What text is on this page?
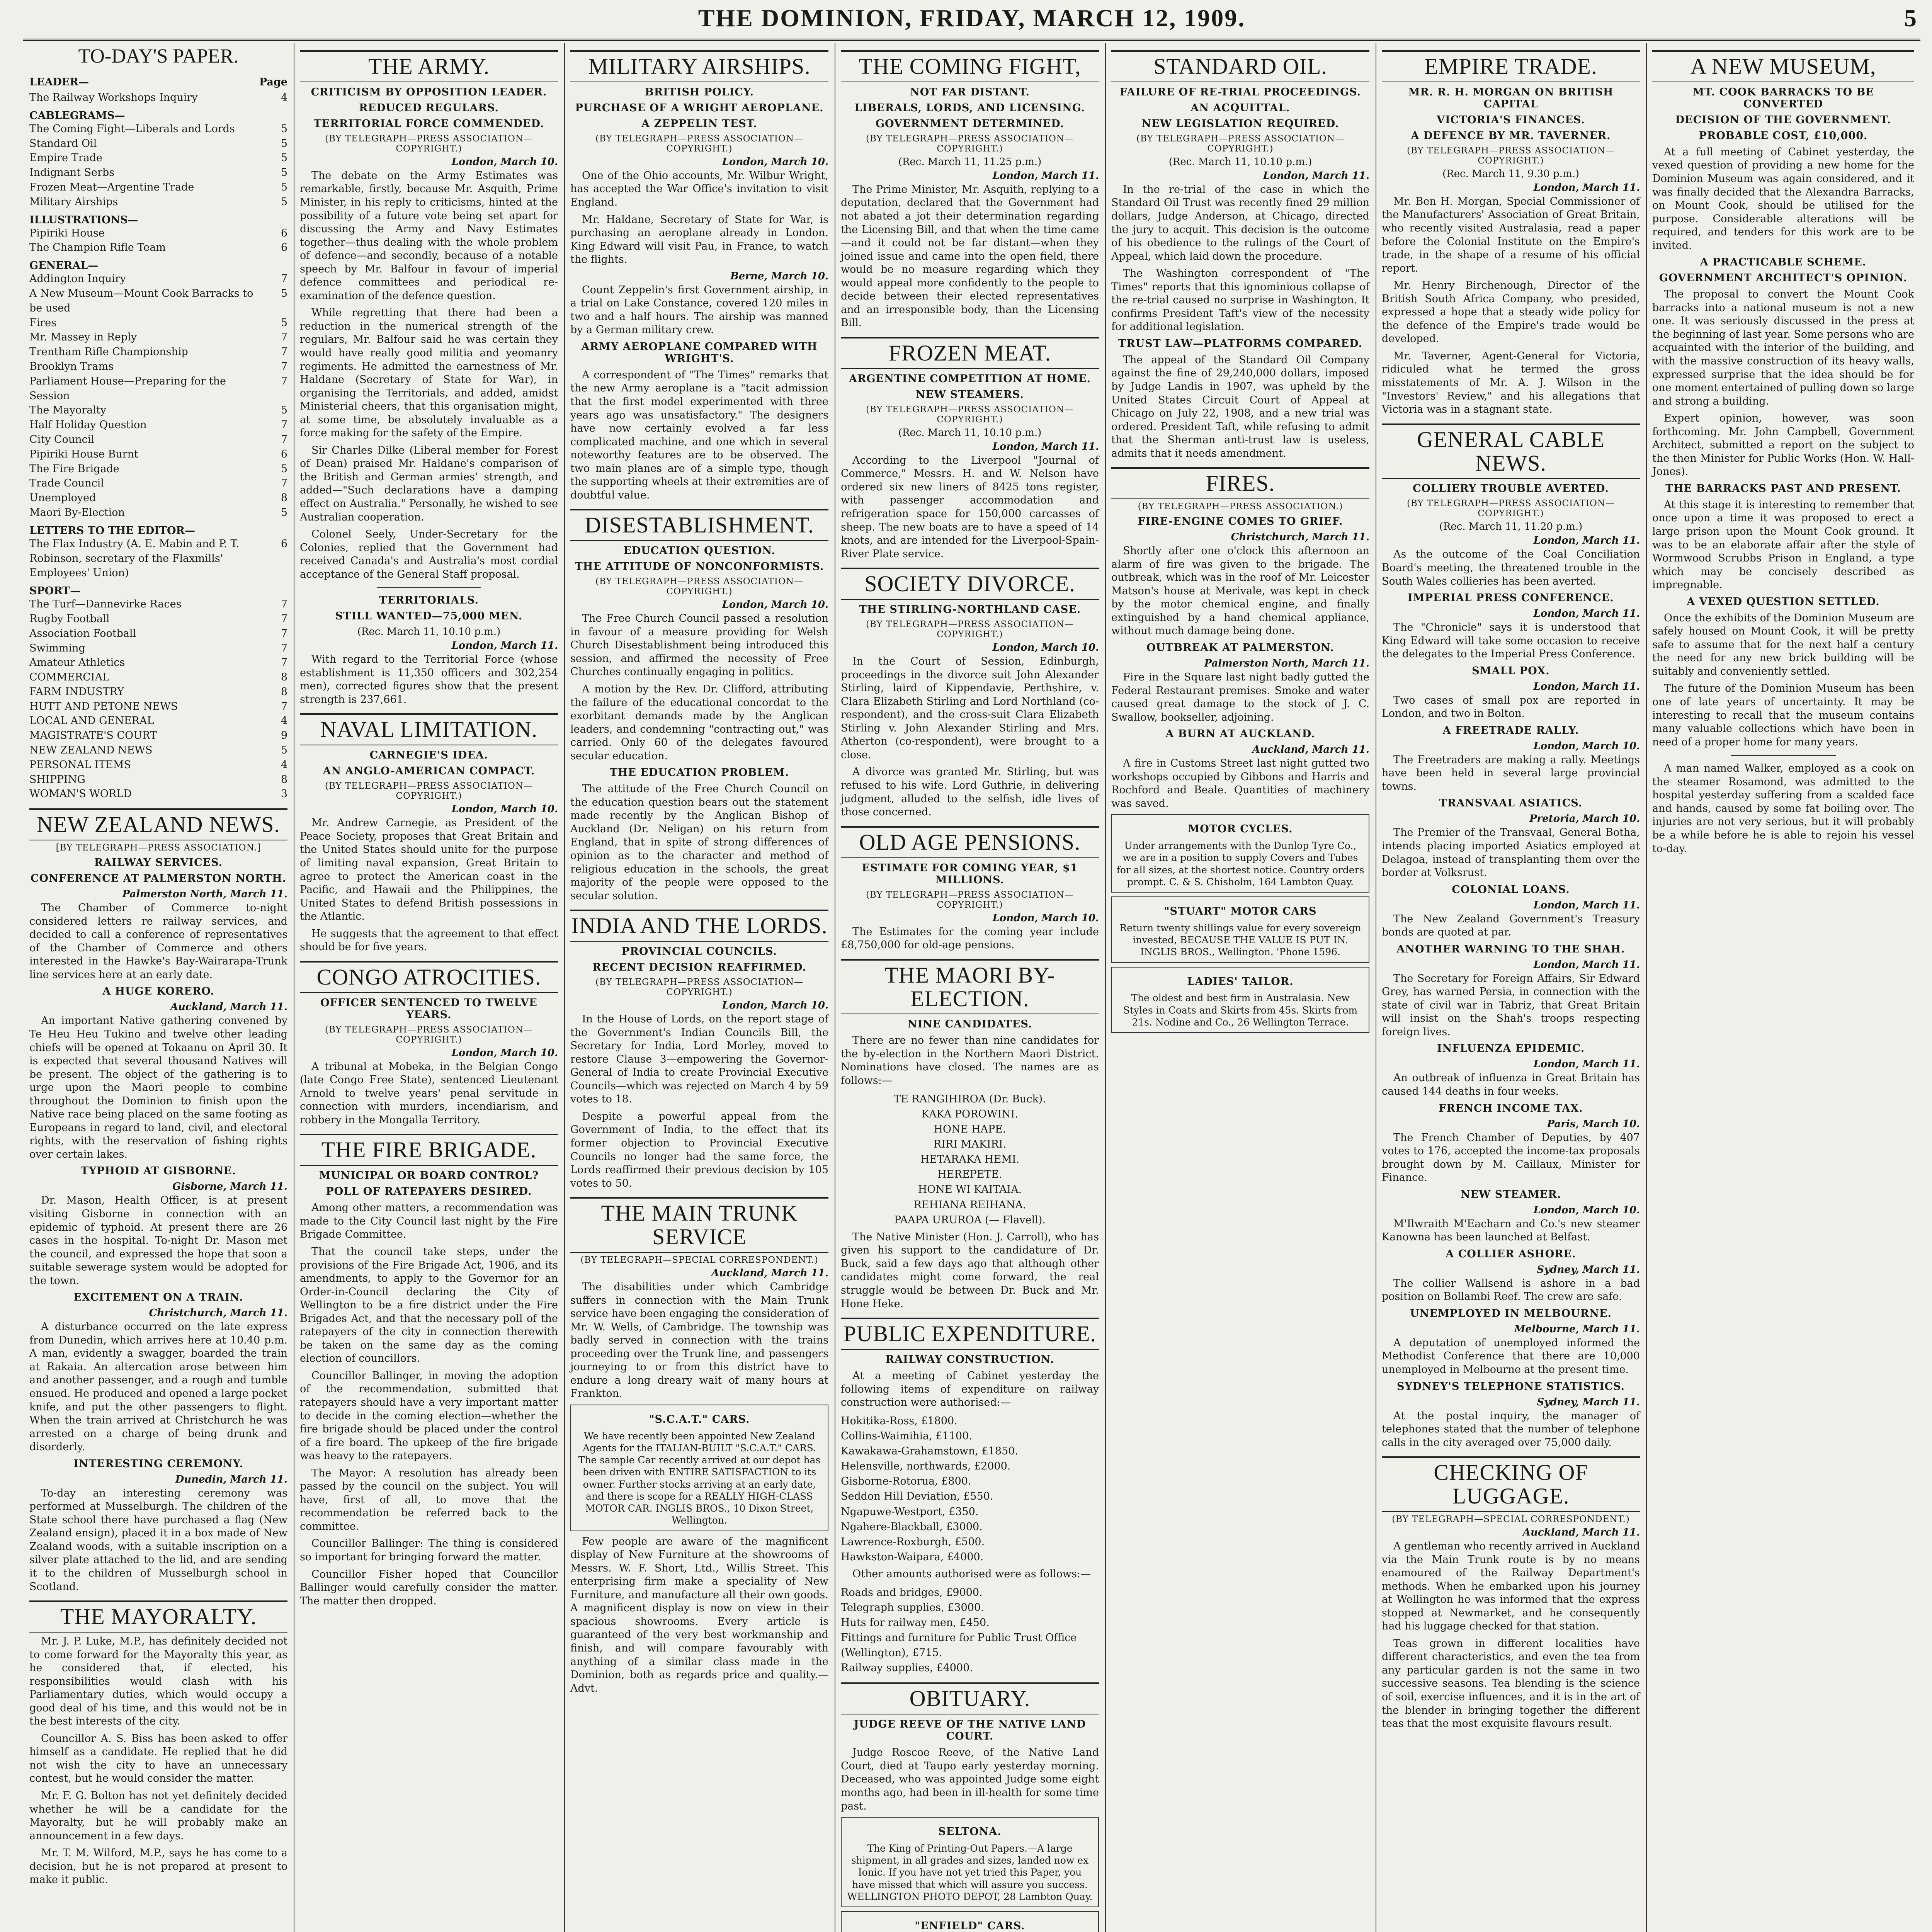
THE DOMINION, FRIDAY, MARCH 12, 1909.	5
TO-DAY'S PAPER.
LEADER—	Page
The Railway Workshops Inquiry	4
CABLEGRAMS—
The Coming Fight—Liberals and Lords	5
Standard Oil	5
Empire Trade	5
Indignant Serbs	5
Frozen Meat—Argentine Trade	5
Military Airships	5
ILLUSTRATIONS—
Pipiriki House	6
The Champion Rifle Team	6
GENERAL—
Addington Inquiry	7
A New Museum—Mount Cook Barracks to be used
5
Fires	5
Mr. Massey in Reply	7
Trentham Rifle Championship	7
Brooklyn Trams	7
Parliament House—Preparing for the Session
7
The Mayoralty	5
Half Holiday Question	7
City Council	7
Pipiriki House Burnt	6
The Fire Brigade	5
Trade Council	7
Unemployed	8
Maori By-Election	5
LETTERS TO THE EDITOR—
The Flax Industry (A. E. Mabin and P. T. Robinson, secretary of the Flaxmills' Employees' Union)
6
SPORT—
The Turf—Dannevirke Races	7
Rugby Football	7
Association Football	7
Swimming	7
Amateur Athletics	7
COMMERCIAL	8
FARM INDUSTRY	8
HUTT AND PETONE NEWS	7
LOCAL AND GENERAL	4
MAGISTRATE'S COURT	9
NEW ZEALAND NEWS	5
PERSONAL ITEMS	4
SHIPPING	8
WOMAN'S WORLD	3
NEW ZEALAND NEWS.
[BY TELEGRAPH—PRESS ASSOCIATION.]
RAILWAY SERVICES.
CONFERENCE AT PALMERSTON NORTH.
Palmerston North, March 11.

The Chamber of Commerce to-night considered letters re railway services, and decided to call a conference of representatives of the Chamber of Commerce and others interested in the Hawke's Bay-Wairarapa-Trunk line services here at an early date.

A HUGE KORERO.
Auckland, March 11.

An important Native gathering convened by Te Heu Heu Tukino and twelve other leading chiefs will be opened at Tokaanu on April 30. It is expected that several thousand Natives will be present. The object of the gathering is to urge upon the Maori people to combine throughout the Dominion to finish upon the Native race being placed on the same footing as Europeans in regard to land, civil, and electoral rights, with the reservation of fishing rights over certain lakes.

TYPHOID AT GISBORNE.
Gisborne, March 11.

Dr. Mason, Health Officer, is at present visiting Gisborne in connection with an epidemic of typhoid. At present there are 26 cases in the hospital. To-night Dr. Mason met the council, and expressed the hope that soon a suitable sewerage system would be adopted for the town.

EXCITEMENT ON A TRAIN.
Christchurch, March 11.

A disturbance occurred on the late express from Dunedin, which arrives here at 10.40 p.m. A man, evidently a swagger, boarded the train at Rakaia. An altercation arose between him and another passenger, and a rough and tumble ensued. He produced and opened a large pocket knife, and put the other passengers to flight. When the train arrived at Christchurch he was arrested on a charge of being drunk and disorderly.

INTERESTING CEREMONY.
Dunedin, March 11.

To-day an interesting ceremony was performed at Musselburgh. The children of the State school there have purchased a flag (New Zealand ensign), placed it in a box made of New Zealand woods, with a suitable inscription on a silver plate attached to the lid, and are sending it to the children of Musselburgh school in Scotland.

THE MAYORALTY.

Mr. J. P. Luke, M.P., has definitely decided not to come forward for the Mayoralty this year, as he considered that, if elected, his responsibilities would clash with his Parliamentary duties, which would occupy a good deal of his time, and this would not be in the best interests of the city.

Councillor A. S. Biss has been asked to offer himself as a candidate. He replied that he did not wish the city to have an unnecessary contest, but he would consider the matter.

Mr. F. G. Bolton has not yet definitely decided whether he will be a candidate for the Mayoralty, but he will probably make an announcement in a few days.

Mr. T. M. Wilford, M.P., says he has come to a decision, but he is not prepared at present to make it public.

THE ARMY.
CRITICISM BY OPPOSITION LEADER.
REDUCED REGULARS.
TERRITORIAL FORCE COMMENDED.
(BY TELEGRAPH—PRESS ASSOCIATION—COPYRIGHT.)
London, March 10.

The debate on the Army Estimates was remarkable, firstly, because Mr. Asquith, Prime Minister, in his reply to criticisms, hinted at the possibility of a future vote being set apart for discussing the Army and Navy Estimates together—thus dealing with the whole problem of defence—and secondly, because of a notable speech by Mr. Balfour in favour of imperial defence committees and periodical re-examination of the defence question.

While regretting that there had been a reduction in the numerical strength of the regulars, Mr. Balfour said he was certain they would have really good militia and yeomanry regiments. He admitted the earnestness of Mr. Haldane (Secretary of State for War), in organising the Territorials, and added, amidst Ministerial cheers, that this organisation might, at some time, be absolutely invaluable as a force making for the safety of the Empire.

Sir Charles Dilke (Liberal member for Forest of Dean) praised Mr. Haldane's comparison of the British and German armies' strength, and added—"Such declarations have a damping effect on Australia." Personally, he wished to see Australian cooperation.

Colonel Seely, Under-Secretary for the Colonies, replied that the Government had received Canada's and Australia's most cordial acceptance of the General Staff proposal.

TERRITORIALS.
STILL WANTED—75,000 MEN.
(Rec. March 11, 10.10 p.m.)
London, March 11.

With regard to the Territorial Force (whose establishment is 11,350 officers and 302,254 men), corrected figures show that the present strength is 237,661.

NAVAL LIMITATION.
CARNEGIE'S IDEA.
AN ANGLO-AMERICAN COMPACT.
(BY TELEGRAPH—PRESS ASSOCIATION—COPYRIGHT.)
London, March 10.

Mr. Andrew Carnegie, as President of the Peace Society, proposes that Great Britain and the United States should unite for the purpose of limiting naval expansion, Great Britain to agree to protect the American coast in the Pacific, and Hawaii and the Philippines, the United States to defend British possessions in the Atlantic.

He suggests that the agreement to that effect should be for five years.

CONGO ATROCITIES.
OFFICER SENTENCED TO TWELVE YEARS.
(BY TELEGRAPH—PRESS ASSOCIATION—COPYRIGHT.)
London, March 10.

A tribunal at Mobeka, in the Belgian Congo (late Congo Free State), sentenced Lieutenant Arnold to twelve years' penal servitude in connection with murders, incendiarism, and robbery in the Mongalla Territory.

THE FIRE BRIGADE.
MUNICIPAL OR BOARD CONTROL?
POLL OF RATEPAYERS DESIRED.

Among other matters, a recommendation was made to the City Council last night by the Fire Brigade Committee.

That the council take steps, under the provisions of the Fire Brigade Act, 1906, and its amendments, to apply to the Governor for an Order-in-Council declaring the City of Wellington to be a fire district under the Fire Brigades Act, and that the necessary poll of the ratepayers of the city in connection therewith be taken on the same day as the coming election of councillors.

Councillor Ballinger, in moving the adoption of the recommendation, submitted that ratepayers should have a very important matter to decide in the coming election—whether the fire brigade should be placed under the control of a fire board. The upkeep of the fire brigade was heavy to the ratepayers.

The Mayor: A resolution has already been passed by the council on the subject. You will have, first of all, to move that the recommendation be referred back to the committee.

Councillor Ballinger: The thing is considered so important for bringing forward the matter.

Councillor Fisher hoped that Councillor Ballinger would carefully consider the matter. The matter then dropped.

MILITARY AIRSHIPS.
BRITISH POLICY.
PURCHASE OF A WRIGHT AEROPLANE.
A ZEPPELIN TEST.
(BY TELEGRAPH—PRESS ASSOCIATION—COPYRIGHT.)
London, March 10.

One of the Ohio accounts, Mr. Wilbur Wright, has accepted the War Office's invitation to visit England.

Mr. Haldane, Secretary of State for War, is purchasing an aeroplane already in London. King Edward will visit Pau, in France, to watch the flights.

Berne, March 10.

Count Zeppelin's first Government airship, in a trial on Lake Constance, covered 120 miles in two and a half hours. The airship was manned by a German military crew.

ARMY AEROPLANE COMPARED WITH WRIGHT'S.

A correspondent of "The Times" remarks that the new Army aeroplane is a "tacit admission that the first model experimented with three years ago was unsatisfactory." The designers have now certainly evolved a far less complicated machine, and one which in several noteworthy features are to be observed. The two main planes are of a simple type, though the supporting wheels at their extremities are of doubtful value.

DISESTABLISHMENT.
EDUCATION QUESTION.
THE ATTITUDE OF NONCONFORMISTS.
(BY TELEGRAPH—PRESS ASSOCIATION—COPYRIGHT.)
London, March 10.

The Free Church Council passed a resolution in favour of a measure providing for Welsh Church Disestablishment being introduced this session, and affirmed the necessity of Free Churches continually engaging in politics.

A motion by the Rev. Dr. Clifford, attributing the failure of the educational concordat to the exorbitant demands made by the Anglican leaders, and condemning "contracting out," was carried. Only 60 of the delegates favoured secular education.

THE EDUCATION PROBLEM.

The attitude of the Free Church Council on the education question bears out the statement made recently by the Anglican Bishop of Auckland (Dr. Neligan) on his return from England, that in spite of strong differences of opinion as to the character and method of religious education in the schools, the great majority of the people were opposed to the secular solution.

INDIA AND THE LORDS.
PROVINCIAL COUNCILS.
RECENT DECISION REAFFIRMED.
(BY TELEGRAPH—PRESS ASSOCIATION—COPYRIGHT.)
London, March 10.

In the House of Lords, on the report stage of the Government's Indian Councils Bill, the Secretary for India, Lord Morley, moved to restore Clause 3—empowering the Governor-General of India to create Provincial Executive Councils—which was rejected on March 4 by 59 votes to 18.

Despite a powerful appeal from the Government of India, to the effect that its former objection to Provincial Executive Councils no longer had the same force, the Lords reaffirmed their previous decision by 105 votes to 50.

THE MAIN TRUNK SERVICE
(BY TELEGRAPH—SPECIAL CORRESPONDENT.)
Auckland, March 11.

The disabilities under which Cambridge suffers in connection with the Main Trunk service have been engaging the consideration of Mr. W. Wells, of Cambridge. The township was badly served in connection with the trains proceeding over the Trunk line, and passengers journeying to or from this district have to endure a long dreary wait of many hours at Frankton.

"S.C.A.T." CARS.
We have recently been appointed New Zealand Agents for the ITALIAN-BUILT "S.C.A.T." CARS. The sample Car recently arrived at our depot has been driven with ENTIRE SATISFACTION to its owner. Further stocks arriving at an early date, and there is scope for a REALLY HIGH-CLASS MOTOR CAR. INGLIS BROS., 10 Dixon Street, Wellington.

Few people are aware of the magnificent display of New Furniture at the showrooms of Messrs. W. F. Short, Ltd., Willis Street. This enterprising firm make a speciality of New Furniture, and manufacture all their own goods. A magnificent display is now on view in their spacious showrooms. Every article is guaranteed of the very best workmanship and finish, and will compare favourably with anything of a similar class made in the Dominion, both as regards price and quality.—Advt.

THE COMING FIGHT,
NOT FAR DISTANT.
LIBERALS, LORDS, AND LICENSING.
GOVERNMENT DETERMINED.
(BY TELEGRAPH—PRESS ASSOCIATION—COPYRIGHT.)
(Rec. March 11, 11.25 p.m.)
London, March 11.

The Prime Minister, Mr. Asquith, replying to a deputation, declared that the Government had not abated a jot their determination regarding the Licensing Bill, and that when the time came—and it could not be far distant—when they joined issue and came into the open field, there would be no measure regarding which they would appeal more confidently to the people to decide between their elected representatives and an irresponsible body, than the Licensing Bill.

FROZEN MEAT.
ARGENTINE COMPETITION AT HOME.
NEW STEAMERS.
(BY TELEGRAPH—PRESS ASSOCIATION—COPYRIGHT.)
(Rec. March 11, 10.10 p.m.)
London, March 11.

According to the Liverpool "Journal of Commerce," Messrs. H. and W. Nelson have ordered six new liners of 8425 tons register, with passenger accommodation and refrigeration space for 150,000 carcasses of sheep. The new boats are to have a speed of 14 knots, and are intended for the Liverpool-Spain-River Plate service.

SOCIETY DIVORCE.
THE STIRLING-NORTHLAND CASE.
(BY TELEGRAPH—PRESS ASSOCIATION—COPYRIGHT.)
London, March 10.

In the Court of Session, Edinburgh, proceedings in the divorce suit John Alexander Stirling, laird of Kippendavie, Perthshire, v. Clara Elizabeth Stirling and Lord Northland (co-respondent), and the cross-suit Clara Elizabeth Stirling v. John Alexander Stirling and Mrs. Atherton (co-respondent), were brought to a close.

A divorce was granted Mr. Stirling, but was refused to his wife. Lord Guthrie, in delivering judgment, alluded to the selfish, idle lives of those concerned.

OLD AGE PENSIONS.
ESTIMATE FOR COMING YEAR, $1 MILLIONS.
(BY TELEGRAPH—PRESS ASSOCIATION—COPYRIGHT.)
London, March 10.

The Estimates for the coming year include £8,750,000 for old-age pensions.

THE MAORI BY-ELECTION.
NINE CANDIDATES.

There are no fewer than nine candidates for the by-election in the Northern Maori District. Nominations have closed. The names are as follows:—

TE RANGIHIROA (Dr. Buck).
KAKA POROWINI.
HONE HAPE.
RIRI MAKIRI.
HETARAKA HEMI.
HEREPETE.
HONE WI KAITAIA.
REHIANA REIHANA.
PAAPA URUROA (— Flavell).

The Native Minister (Hon. J. Carroll), who has given his support to the candidature of Dr. Buck, said a few days ago that although other candidates might come forward, the real struggle would be between Dr. Buck and Mr. Hone Heke.

PUBLIC EXPENDITURE.
RAILWAY CONSTRUCTION.

At a meeting of Cabinet yesterday the following items of expenditure on railway construction were authorised:—

Hokitika-Ross, £1800.
Collins-Waimihia, £1100.
Kawakawa-Grahamstown, £1850.
Helensville, northwards, £2000.
Gisborne-Rotorua, £800.
Seddon Hill Deviation, £550.
Ngapuwe-Westport, £350.
Ngahere-Blackball, £3000.
Lawrence-Roxburgh, £500.
Hawkston-Waipara, £4000.

Other amounts authorised were as follows:—

Roads and bridges, £9000.
Telegraph supplies, £3000.
Huts for railway men, £450.
Fittings and furniture for Public Trust Office (Wellington), £715.
Railway supplies, £4000.
OBITUARY.
JUDGE REEVE OF THE NATIVE LAND COURT.

Judge Roscoe Reeve, of the Native Land Court, died at Taupo early yesterday morning. Deceased, who was appointed Judge some eight months ago, had been in ill-health for some time past.

SELTONA.
The King of Printing-Out Papers.—A large shipment, in all grades and sizes, landed now ex Ionic. If you have not yet tried this Paper, you have missed that which will assure you success. WELLINGTON PHOTO DEPOT, 28 Lambton Quay.
"ENFIELD" CARS.
STANDARD OIL.
FAILURE OF RE-TRIAL PROCEEDINGS.
AN ACQUITTAL.
NEW LEGISLATION REQUIRED.
(BY TELEGRAPH—PRESS ASSOCIATION—COPYRIGHT.)
(Rec. March 11, 10.10 p.m.)
London, March 11.

In the re-trial of the case in which the Standard Oil Trust was recently fined 29 million dollars, Judge Anderson, at Chicago, directed the jury to acquit. This decision is the outcome of his obedience to the rulings of the Court of Appeal, which laid down the procedure.

The Washington correspondent of "The Times" reports that this ignominious collapse of the re-trial caused no surprise in Washington. It confirms President Taft's view of the necessity for additional legislation.

TRUST LAW—PLATFORMS COMPARED.

The appeal of the Standard Oil Company against the fine of 29,240,000 dollars, imposed by Judge Landis in 1907, was upheld by the United States Circuit Court of Appeal at Chicago on July 22, 1908, and a new trial was ordered. President Taft, while refusing to admit that the Sherman anti-trust law is useless, admits that it needs amendment.

FIRES.
(BY TELEGRAPH—PRESS ASSOCIATION.)
FIRE-ENGINE COMES TO GRIEF.
Christchurch, March 11.

Shortly after one o'clock this afternoon an alarm of fire was given to the brigade. The outbreak, which was in the roof of Mr. Leicester Matson's house at Merivale, was kept in check by the motor chemical engine, and finally extinguished by a hand chemical appliance, without much damage being done.

OUTBREAK AT PALMERSTON.
Palmerston North, March 11.

Fire in the Square last night badly gutted the Federal Restaurant premises. Smoke and water caused great damage to the stock of J. C. Swallow, bookseller, adjoining.

A BURN AT AUCKLAND.
Auckland, March 11.

A fire in Customs Street last night gutted two workshops occupied by Gibbons and Harris and Rochford and Beale. Quantities of machinery was saved.

MOTOR CYCLES.
Under arrangements with the Dunlop Tyre Co., we are in a position to supply Covers and Tubes for all sizes, at the shortest notice. Country orders prompt. C. & S. Chisholm, 164 Lambton Quay.
"STUART" MOTOR CARS
Return twenty shillings value for every sovereign invested, BECAUSE THE VALUE IS PUT IN. INGLIS BROS., Wellington. 'Phone 1596.
LADIES' TAILOR.
The oldest and best firm in Australasia. New Styles in Coats and Skirts from 45s. Skirts from 21s. Nodine and Co., 26 Wellington Terrace.
EMPIRE TRADE.
MR. R. H. MORGAN ON BRITISH CAPITAL
VICTORIA'S FINANCES.
A DEFENCE BY MR. TAVERNER.
(BY TELEGRAPH—PRESS ASSOCIATION—COPYRIGHT.)
(Rec. March 11, 9.30 p.m.)
London, March 11.

Mr. Ben H. Morgan, Special Commissioner of the Manufacturers' Association of Great Britain, who recently visited Australasia, read a paper before the Colonial Institute on the Empire's trade, in the shape of a resume of his official report.

Mr. Henry Birchenough, Director of the British South Africa Company, who presided, expressed a hope that a steady wide policy for the defence of the Empire's trade would be developed.

Mr. Taverner, Agent-General for Victoria, ridiculed what he termed the gross misstatements of Mr. A. J. Wilson in the "Investors' Review," and his allegations that Victoria was in a stagnant state.

GENERAL CABLE NEWS.
COLLIERY TROUBLE AVERTED.
(BY TELEGRAPH—PRESS ASSOCIATION—COPYRIGHT.)
(Rec. March 11, 11.20 p.m.)
London, March 11.

As the outcome of the Coal Conciliation Board's meeting, the threatened trouble in the South Wales collieries has been averted.

IMPERIAL PRESS CONFERENCE.
London, March 11.

The "Chronicle" says it is understood that King Edward will take some occasion to receive the delegates to the Imperial Press Conference.

SMALL POX.
London, March 11.

Two cases of small pox are reported in London, and two in Bolton.

A FREETRADE RALLY.
London, March 10.

The Freetraders are making a rally. Meetings have been held in several large provincial towns.

TRANSVAAL ASIATICS.
Pretoria, March 10.

The Premier of the Transvaal, General Botha, intends placing imported Asiatics employed at Delagoa, instead of transplanting them over the border at Volksrust.

COLONIAL LOANS.
London, March 11.

The New Zealand Government's Treasury bonds are quoted at par.

ANOTHER WARNING TO THE SHAH.
London, March 11.

The Secretary for Foreign Affairs, Sir Edward Grey, has warned Persia, in connection with the state of civil war in Tabriz, that Great Britain will insist on the Shah's troops respecting foreign lives.

INFLUENZA EPIDEMIC.
London, March 11.

An outbreak of influenza in Great Britain has caused 144 deaths in four weeks.

FRENCH INCOME TAX.
Paris, March 10.

The French Chamber of Deputies, by 407 votes to 176, accepted the income-tax proposals brought down by M. Caillaux, Minister for Finance.

NEW STEAMER.
London, March 10.

M'Ilwraith M'Eacharn and Co.'s new steamer Kanowna has been launched at Belfast.

A COLLIER ASHORE.
Sydney, March 11.

The collier Wallsend is ashore in a bad position on Bollambi Reef. The crew are safe.

UNEMPLOYED IN MELBOURNE.
Melbourne, March 11.

A deputation of unemployed informed the Methodist Conference that there are 10,000 unemployed in Melbourne at the present time.

SYDNEY'S TELEPHONE STATISTICS.
Sydney, March 11.

At the postal inquiry, the manager of telephones stated that the number of telephone calls in the city averaged over 75,000 daily.

CHECKING OF LUGGAGE.
(BY TELEGRAPH—SPECIAL CORRESPONDENT.)
Auckland, March 11.

A gentleman who recently arrived in Auckland via the Main Trunk route is by no means enamoured of the Railway Department's methods. When he embarked upon his journey at Wellington he was informed that the express stopped at Newmarket, and he consequently had his luggage checked for that station.

Teas grown in different localities have different characteristics, and even the tea from any particular garden is not the same in two successive seasons. Tea blending is the science of soil, exercise influences, and it is in the art of the blender in bringing together the different teas that the most exquisite flavours result.

A NEW MUSEUM,
MT. COOK BARRACKS TO BE CONVERTED
DECISION OF THE GOVERNMENT.
PROBABLE COST, £10,000.

At a full meeting of Cabinet yesterday, the vexed question of providing a new home for the Dominion Museum was again considered, and it was finally decided that the Alexandra Barracks, on Mount Cook, should be utilised for the purpose. Considerable alterations will be required, and tenders for this work are to be invited.

A PRACTICABLE SCHEME.
GOVERNMENT ARCHITECT'S OPINION.

The proposal to convert the Mount Cook barracks into a national museum is not a new one. It was seriously discussed in the press at the beginning of last year. Some persons who are acquainted with the interior of the building, and with the massive construction of its heavy walls, expressed surprise that the idea should be for one moment entertained of pulling down so large and strong a building.

Expert opinion, however, was soon forthcoming. Mr. John Campbell, Government Architect, submitted a report on the subject to the then Minister for Public Works (Hon. W. Hall-Jones).

THE BARRACKS PAST AND PRESENT.

At this stage it is interesting to remember that once upon a time it was proposed to erect a large prison upon the Mount Cook ground. It was to be an elaborate affair after the style of Wormwood Scrubbs Prison in England, a type which may be concisely described as impregnable.

A VEXED QUESTION SETTLED.

Once the exhibits of the Dominion Museum are safely housed on Mount Cook, it will be pretty safe to assume that for the next half a century the need for any new brick building will be suitably and conveniently settled.

The future of the Dominion Museum has been one of late years of uncertainty. It may be interesting to recall that the museum contains many valuable collections which have been in need of a proper home for many years.

A man named Walker, employed as a cook on the steamer Rosamond, was admitted to the hospital yesterday suffering from a scalded face and hands, caused by some fat boiling over. The injuries are not very serious, but it will probably be a while before he is able to rejoin his vessel to-day.
